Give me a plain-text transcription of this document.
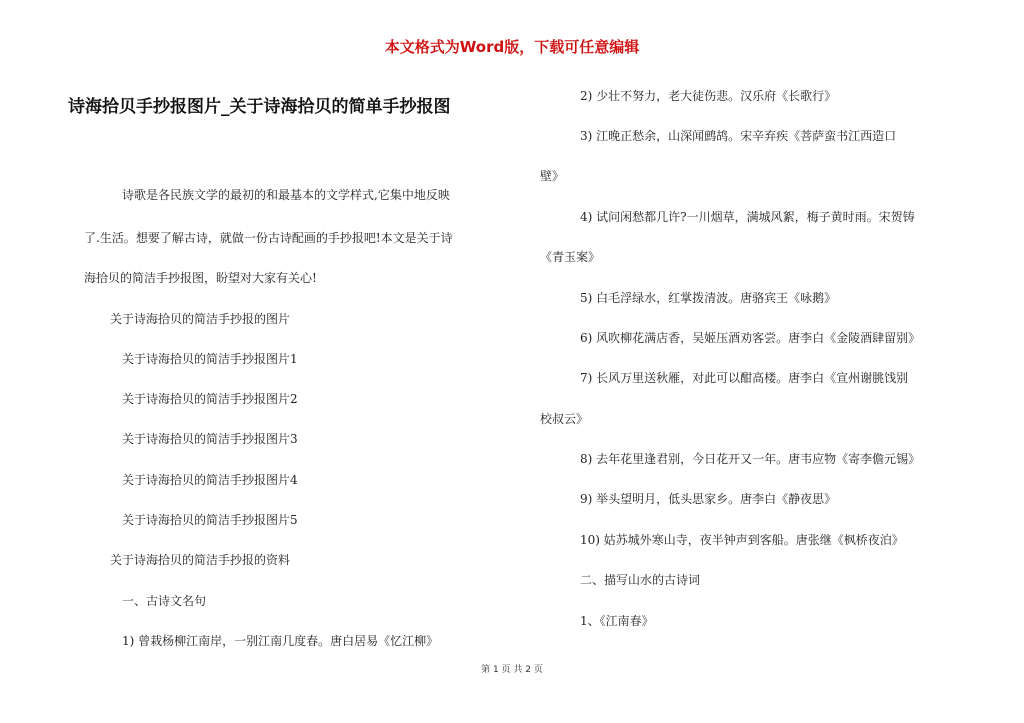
本文格式为Word版，下载可任意编辑
诗海拾贝手抄报图片_关于诗海拾贝的简单手抄报图
诗歌是各民族文学的最初的和最基本的文学样式,它集中地反映
了.生活。想要了解古诗，就做一份古诗配画的手抄报吧!本文是关于诗
海拾贝的简洁手抄报图，盼望对大家有关心!
关于诗海拾贝的简洁手抄报的图片
关于诗海拾贝的简洁手抄报图片1
关于诗海拾贝的简洁手抄报图片2
关于诗海拾贝的简洁手抄报图片3
关于诗海拾贝的简洁手抄报图片4
关于诗海拾贝的简洁手抄报图片5
关于诗海拾贝的简洁手抄报的资料
一、古诗文名句
1) 曾栽杨柳江南岸，一别江南几度春。唐白居易《忆江柳》
2) 少壮不努力，老大徒伤悲。汉乐府《长歌行》
3) 江晚正愁余，山深闻鹧鸪。宋辛弃疾《菩萨蛮书江西造口
壁》
4) 试问闲愁都几许?一川烟草，满城风絮，梅子黄时雨。宋贺铸
《青玉案》
5) 白毛浮绿水，红掌拨清波。唐骆宾王《咏鹅》
6) 风吹柳花满店香，吴姬压酒劝客尝。唐李白《金陵酒肆留别》
7) 长风万里送秋雁，对此可以酣高楼。唐李白《宣州谢朓饯别
校叔云》
8) 去年花里逢君别，今日花开又一年。唐韦应物《寄李儋元锡》
9) 举头望明月，低头思家乡。唐李白《静夜思》
10) 姑苏城外寒山寺，夜半钟声到客船。唐张继《枫桥夜泊》
二、描写山水的古诗词
1、《江南春》
第 1 页 共 2 页
